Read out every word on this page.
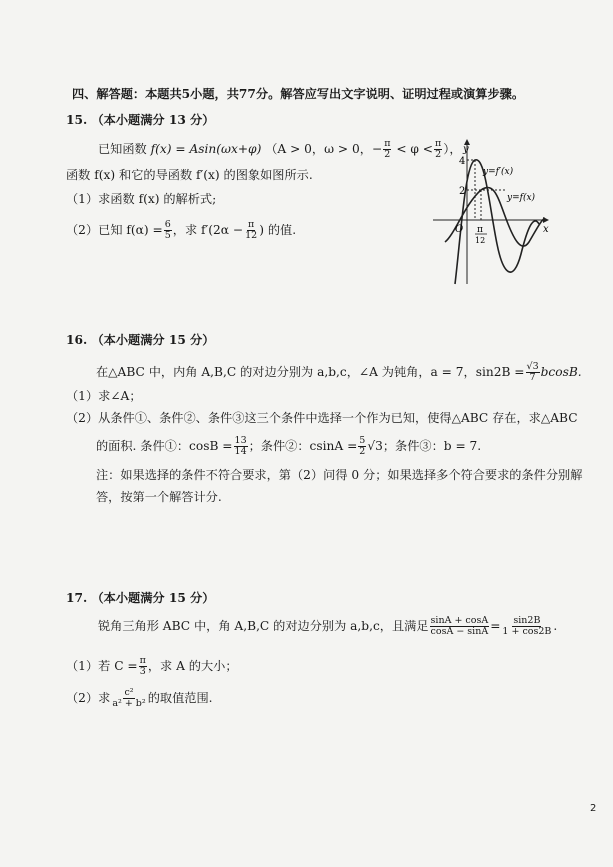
四、解答题：本题共5小题，共77分。解答应写出文字说明、证明过程或演算步骤。
15. （本小题满分 13 分）
已知函数 f(x) = Asin(ωx+φ) （A > 0，ω > 0，− $\frac{\pi}{2} < \varphi < \frac{\pi}{2}$ ），
函数 f(x) 和它的导函数 f′(x) 的图象如图所示.
（1）求函数 f(x) 的解析式;
（2）已知 $f(\alpha) = \frac{6}{5}$ ，求 $f'(2\alpha - \frac{\pi}{12}$ ) 的值.
y
x
O
4
2
π
12
y=f′(x)
y=f(x)
16. （本小题满分 15 分）
在△ABC 中，内角 A,B,C 的对边分别为 a,b,c，∠A 为钝角，a = 7，$\sin 2B = \frac{√3}{7} bcosB$.
（1）求∠A；
（2）从条件①、条件②、条件③这三个条件中选择一个作为已知，使得△ABC 存在，求△ABC
的面积. 条件①：$\cos B = \frac{13}{14}$ ；条件②：$csinA = \frac{5}{2} √3$；条件③：b = 7.
注：如果选择的条件不符合要求，第（2）问得 0 分；如果选择多个符合要求的条件分别解
答，按第一个解答计分.
17. （本小题满分 15 分）
锐角三角形 ABC 中，角 A,B,C 的对边分别为 a,b,c，且满足 $\frac{\sin A + \cos A}{\cos A - \sin A} = \frac{\sin 2B}{1 + \cos 2B}$ .
（1）若 $C = \frac{\pi}{3}$ ，求 A 的大小；
（2）求 $\frac{\text{c²}}{\text{a² + b²}}$ 的取值范围.
2
